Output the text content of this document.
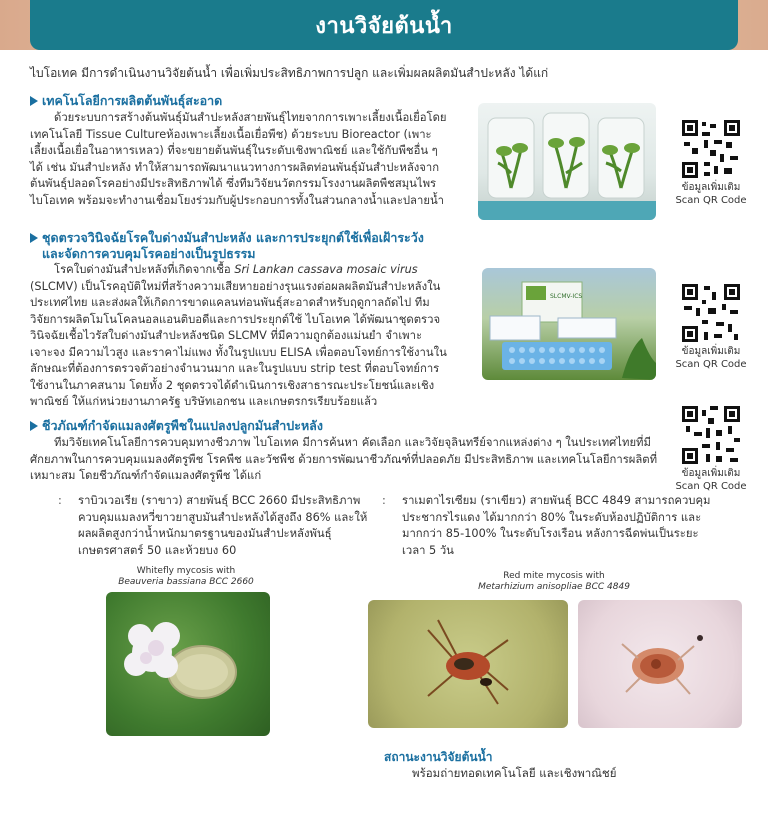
งานวิจัยต้นน้ำ
ไบโอเทค มีการดำเนินงานวิจัยต้นน้ำ เพื่อเพิ่มประสิทธิภาพการปลูก และเพิ่มผลผลิตมันสำปะหลัง ได้แก่
เทคโนโลยีการผลิตต้นพันธุ์สะอาด
ด้วยระบบการสร้างต้นพันธุ์มันสำปะหลังสายพันธุ์ไทยจากการเพาะเลี้ยงเนื้อเยื่อโดยเทคโนโลยี Tissue Cultureห้องเพาะเลี้ยงเนื้อเยื่อพืช) ด้วยระบบ Bioreactor (เพาะเลี้ยงเนื้อเยื่อในอาหารเหลว) ที่จะขยายต้นพันธุ์ในระดับเชิงพาณิชย์ และใช้กับพืชอื่น ๆ ได้ เช่น มันสำปะหลัง ทำให้สามารถพัฒนาแนวทางการผลิตท่อนพันธุ์มันสำปะหลังจากต้นพันธุ์ปลอดโรคอย่างมีประสิทธิภาพได้ ซึ่งทีมวิจัยนวัตกรรมโรงงานผลิตพืชสมุนไพร ไบโอเทค พร้อมจะทำงานเชื่อมโยงร่วมกับผู้ประกอบการทั้งในส่วนกลางน้ำและปลายน้ำ
ข้อมูลเพิ่มเติม
Scan QR Code
ชุดตรวจวินิจฉัยโรคใบด่างมันสำปะหลัง และการประยุกต์ใช้เพื่อเฝ้าระวัง
และจัดการควบคุมโรคอย่างเป็นรูปธรรม
โรคใบด่างมันสำปะหลังที่เกิดจากเชื้อ Sri Lankan cassava mosaic virus (SLCMV) เป็นโรคอุบัติใหม่ที่สร้างความเสียหายอย่างรุนแรงต่อผลผลิตมันสำปะหลังในประเทศไทย และส่งผลให้เกิดการขาดแคลนท่อนพันธุ์สะอาดสำหรับฤดูกาลถัดไป ทีมวิจัยการผลิตโมโนโคลนอลแอนติบอดีและการประยุกต์ใช้ ไบโอเทค ได้พัฒนาชุดตรวจวินิจฉัยเชื้อไวรัสใบด่างมันสำปะหลังชนิด SLCMV ที่มีความถูกต้องแม่นยำ จำเพาะเจาะจง มีความไวสูง และราคาไม่แพง ทั้งในรูปแบบ ELISA เพื่อตอบโจทย์การใช้งานในลักษณะที่ต้องการตรวจตัวอย่างจำนวนมาก และในรูปแบบ strip test ที่ตอบโจทย์การใช้งานในภาคสนาม โดยทั้ง 2 ชุดตรวจได้ดำเนินการเชิงสาธารณะประโยชน์และเชิงพาณิชย์ ให้แก่หน่วยงานภาครัฐ บริษัทเอกชน และเกษตรกรเรียบร้อยแล้ว
SLCMV-ICS
ข้อมูลเพิ่มเติม
Scan QR Code
ชีวภัณฑ์กำจัดแมลงศัตรูพืชในแปลงปลูกมันสำปะหลัง
ทีมวิจัยเทคโนโลยีการควบคุมทางชีวภาพ ไบโอเทค มีการค้นหา คัดเลือก และวิจัยจุลินทรีย์จากแหล่งต่าง ๆ ในประเทศไทยที่มีศักยภาพในการควบคุมแมลงศัตรูพืช โรคพืช และวัชพืช ด้วยการพัฒนาชีวภัณฑ์ที่ปลอดภัย มีประสิทธิภาพ และเทคโนโลยีการผลิตที่เหมาะสม โดยชีวภัณฑ์กำจัดแมลงศัตรูพืช ได้แก่	ข้อมูลเพิ่มเติม
Scan QR Code
: ราบิวเวอเรีย (ราขาว) สายพันธุ์ BCC 2660 มีประสิทธิภาพควบคุมแมลงหวี่ขาวยาสูบมันสำปะหลังได้สูงถึง 86% และให้ผลผลิตสูงกว่าน้ำหนักมาตรฐานของมันสำปะหลังพันธุ์เกษตรศาสตร์ 50 และห้วยบง 60
: ราเมตาไรเซียม (ราเขียว) สายพันธุ์ BCC 4849 สามารถควบคุมประชากรไรแดง ได้มากกว่า 80% ในระดับห้องปฏิบัติการ และมากกว่า 85-100% ในระดับโรงเรือน หลังการฉีดพ่นเป็นระยะเวลา 5 วัน
Whitefly mycosis with
Beauveria bassiana BCC 2660
Red mite mycosis with
Metarhizium anisopliae BCC 4849
สถานะงานวิจัยต้นน้ำ
พร้อมถ่ายทอดเทคโนโลยี และเชิงพาณิชย์
